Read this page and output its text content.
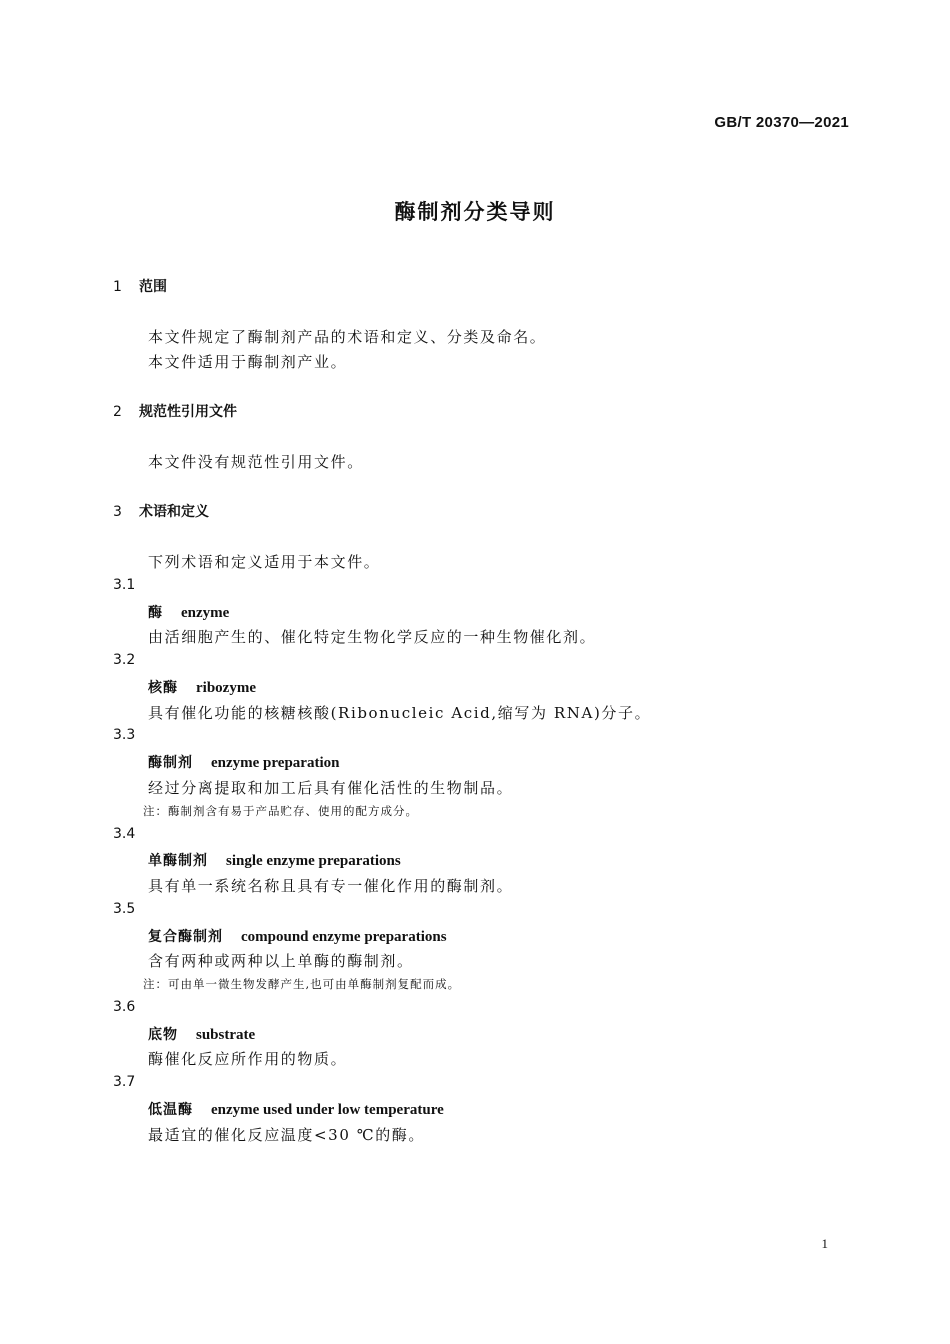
GB/T 20370—2021
酶制剂分类导则
1 范围
本文件规定了酶制剂产品的术语和定义、分类及命名。
本文件适用于酶制剂产业。
2 规范性引用文件
本文件没有规范性引用文件。
3 术语和定义
下列术语和定义适用于本文件。
3.1
酶 enzyme
由活细胞产生的、催化特定生物化学反应的一种生物催化剂。
3.2
核酶 ribozyme
具有催化功能的核糖核酸(Ribonucleic Acid,缩写为 RNA)分子。
3.3
酶制剂 enzyme preparation
经过分离提取和加工后具有催化活性的生物制品。
注：酶制剂含有易于产品贮存、使用的配方成分。
3.4
单酶制剂 single enzyme preparations
具有单一系统名称且具有专一催化作用的酶制剂。
3.5
复合酶制剂 compound enzyme preparations
含有两种或两种以上单酶的酶制剂。
注：可由单一微生物发酵产生,也可由单酶制剂复配而成。
3.6
底物 substrate
酶催化反应所作用的物质。
3.7
低温酶 enzyme used under low temperature
最适宜的催化反应温度<30 ℃的酶。
1
